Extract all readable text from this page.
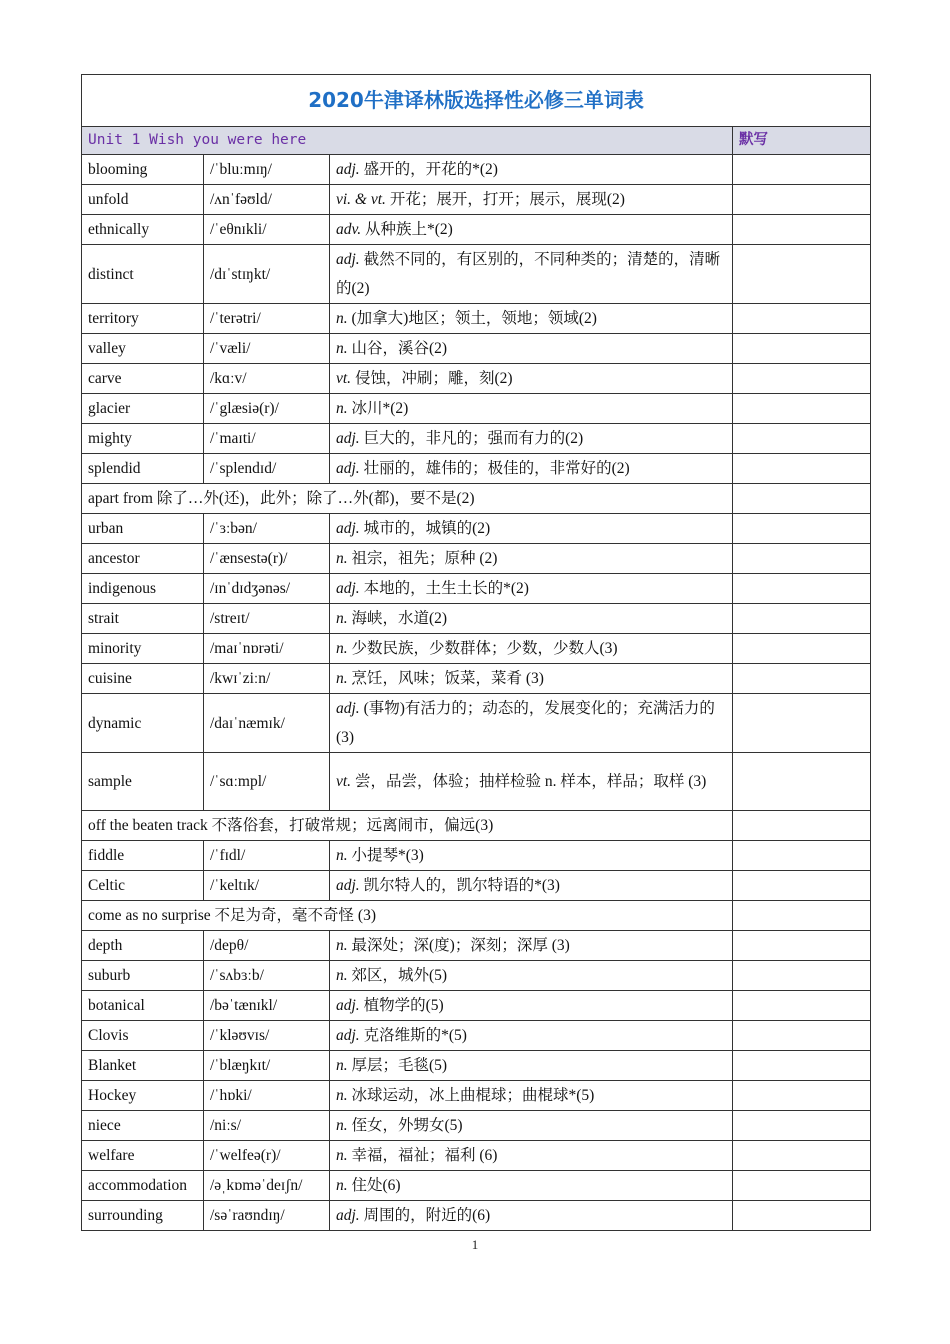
2020牛津译林版选择性必修三单词表			
Unit 1 Wish you were here			默写
blooming	/ˈbluːmɪŋ/	adj. 盛开的，开花的*(2)	
unfold	/ʌnˈfəʊld/	vi. & vt. 开花；展开，打开；展示，展现(2)	
ethnically	/ˈeθnɪkli/	adv. 从种族上*(2)	
distinct	/dɪˈstɪŋkt/	adj. 截然不同的，有区别的，不同种类的；清楚的，清晰的(2)	
territory	/ˈterətri/	n. (加拿大)地区；领土，领地；领域(2)	
valley	/ˈvæli/	n. 山谷，溪谷(2)	
carve	/kɑːv/	vt. 侵蚀，冲刷；雕，刻(2)	
glacier	/ˈglæsiə(r)/	n. 冰川*(2)	
mighty	/ˈmaɪti/	adj. 巨大的，非凡的；强而有力的(2)	
splendid	/ˈsplendɪd/	adj. 壮丽的，雄伟的；极佳的，非常好的(2)	
apart from 除了…外(还)，此外；除了…外(都)，要不是(2)			
urban	/ˈɜːbən/	adj. 城市的，城镇的(2)	
ancestor	/ˈænsestə(r)/	n. 祖宗，祖先；原种 (2)	
indigenous	/ɪnˈdɪdʒənəs/	adj. 本地的，土生土长的*(2)	
strait	/streɪt/	n. 海峡，水道(2)	
minority	/maɪˈnɒrəti/	n. 少数民族，少数群体；少数，少数人(3)	
cuisine	/kwɪˈziːn/	n. 烹饪，风味；饭菜，菜肴 (3)	
dynamic	/daɪˈnæmɪk/	adj. (事物)有活力的；动态的，发展变化的；充满活力的(3)	
sample	/ˈsɑːmpl/	vt. 尝，品尝，体验；抽样检验 n. 样本，样品；取样 (3)	
off the beaten track 不落俗套，打破常规；远离闹市，偏远(3)			
fiddle	/ˈfɪdl/	n. 小提琴*(3)	
Celtic	/ˈkeltɪk/	adj. 凯尔特人的，凯尔特语的*(3)	
come as no surprise 不足为奇，毫不奇怪 (3)			
depth	/depθ/	n. 最深处；深(度)；深刻；深厚 (3)	
suburb	/ˈsʌbɜːb/	n. 郊区，城外(5)	
botanical	/bəˈtænɪkl/	adj. 植物学的(5)	
Clovis	/ˈkləʊvɪs/	adj. 克洛维斯的*(5)	
Blanket	/ˈblæŋkɪt/	n. 厚层；毛毯(5)	
Hockey	/ˈhɒki/	n. 冰球运动，冰上曲棍球；曲棍球*(5)	
niece	/niːs/	n. 侄女，外甥女(5)	
welfare	/ˈwelfeə(r)/	n. 幸福，福祉；福利 (6)	
accommodation	/əˌkɒməˈdeɪʃn/	n. 住处(6)	
surrounding	/səˈraʊndɪŋ/	adj. 周围的，附近的(6)	
1
